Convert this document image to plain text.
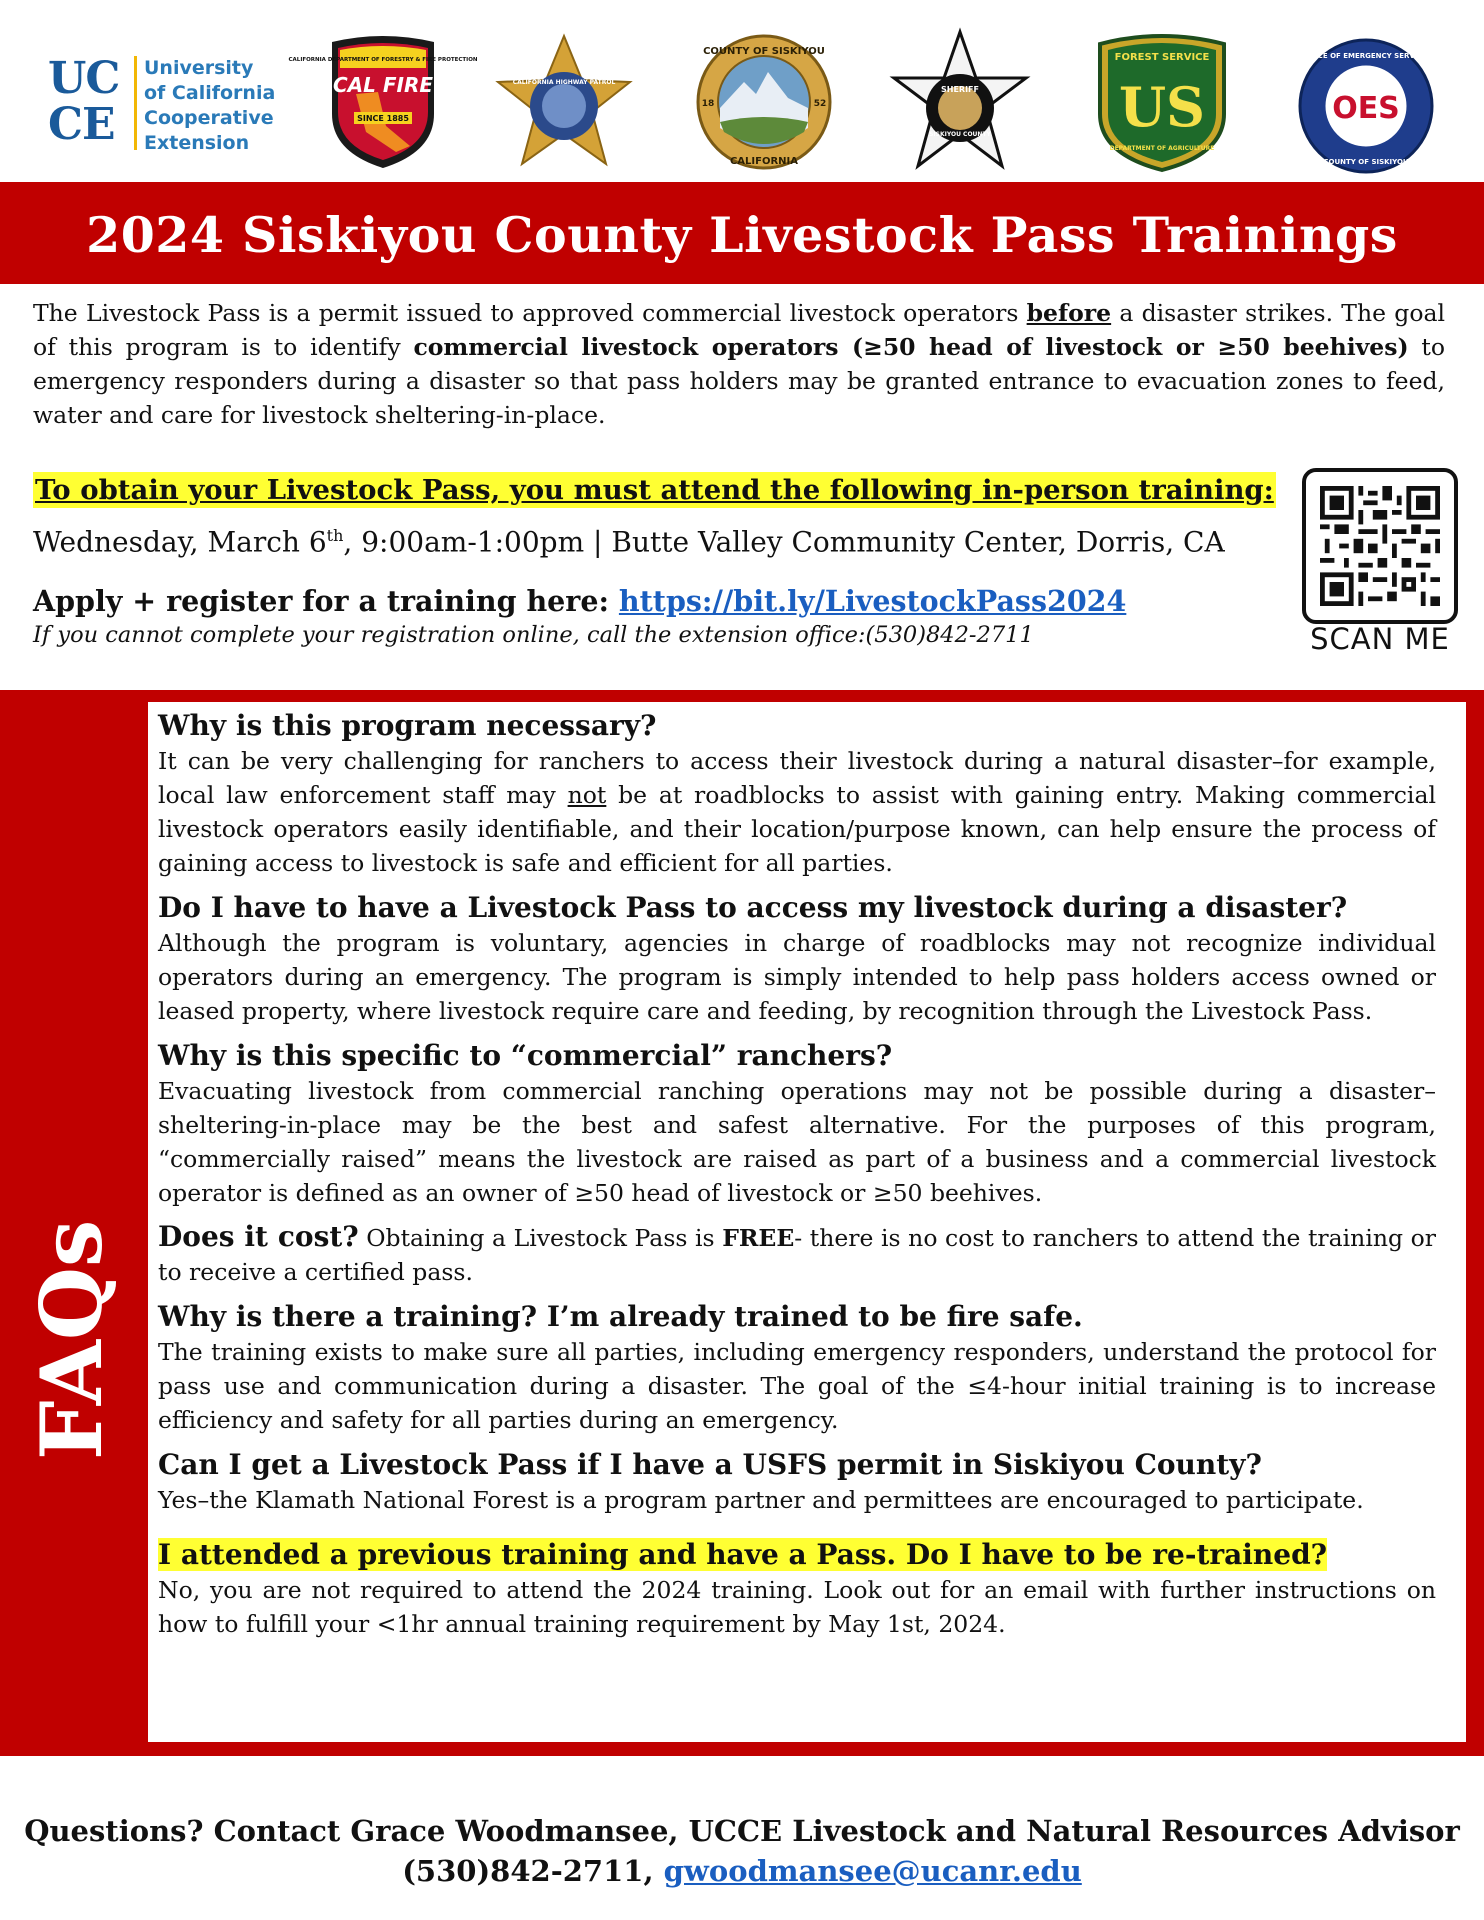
UC
CE
University
of California
Cooperative
Extension
CALIFORNIA DEPARTMENT OF FORESTRY & FIRE PROTECTION
CAL FIRE
SINCE 1885
CALIFORNIA HIGHWAY PATROL
145
Yreka
COUNTY OF SISKIYOU
CALIFORNIA
18	52
SHERIFF
SISKIYOU COUNTY
FOREST SERVICE
US
DEPARTMENT OF AGRICULTURE
OFFICE OF EMERGENCY SERVICES
OES
COUNTY OF SISKIYOU
2024 Siskiyou County Livestock Pass Trainings
The Livestock Pass is a permit issued to approved commercial livestock operators before a disaster strikes. The goal of this program is to identify commercial livestock operators (≥50 head of livestock or ≥50 beehives) to emergency responders during a disaster so that pass holders may be granted entrance to evacuation zones to feed, water and care for livestock sheltering-in-place.
To obtain your Livestock Pass, you must attend the following in-person training:
Wednesday, March 6th, 9:00am-1:00pm | Butte Valley Community Center, Dorris, CA
Apply + register for a training here: https://bit.ly/LivestockPass2024
If you cannot complete your registration online, call the extension office:(530)842-2711	SCAN ME

Why is this program necessary?

It can be very challenging for ranchers to access their livestock during a natural disaster–for example, local law enforcement staff may not be at roadblocks to assist with gaining entry. Making commercial livestock operators easily identifiable, and their location/purpose known, can help ensure the process of gaining access to livestock is safe and efficient for all parties.

Do I have to have a Livestock Pass to access my livestock during a disaster?

Although the program is voluntary, agencies in charge of roadblocks may not recognize individual operators during an emergency. The program is simply intended to help pass holders access owned or leased property, where livestock require care and feeding, by recognition through the Livestock Pass.

Why is this specific to “commercial” ranchers?

Evacuating livestock from commercial ranching operations may not be possible during a disaster–sheltering-in-place may be the best and safest alternative. For the purposes of this program, “commercially raised” means the livestock are raised as part of a business and a commercial livestock operator is defined as an owner of ≥50 head of livestock or ≥50 beehives.

Does it cost? Obtaining a Livestock Pass is FREE- there is no cost to ranchers to attend the training or to receive a certified pass.

Why is there a training? I’m already trained to be fire safe.

The training exists to make sure all parties, including emergency responders, understand the protocol for pass use and communication during a disaster. The goal of the ≤4-hour initial training is to increase efficiency and safety for all parties during an emergency.

Can I get a Livestock Pass if I have a USFS permit in Siskiyou County?

Yes–the Klamath National Forest is a program partner and permittees are encouraged to participate.

I attended a previous training and have a Pass. Do I have to be re-trained?

No, you are not required to attend the 2024 training. Look out for an email with further instructions on how to fulfill your <1hr annual training requirement by May 1st, 2024.

Questions? Contact Grace Woodmansee, UCCE Livestock and Natural Resources Advisor
(530)842-2711, gwoodmansee@ucanr.edu
